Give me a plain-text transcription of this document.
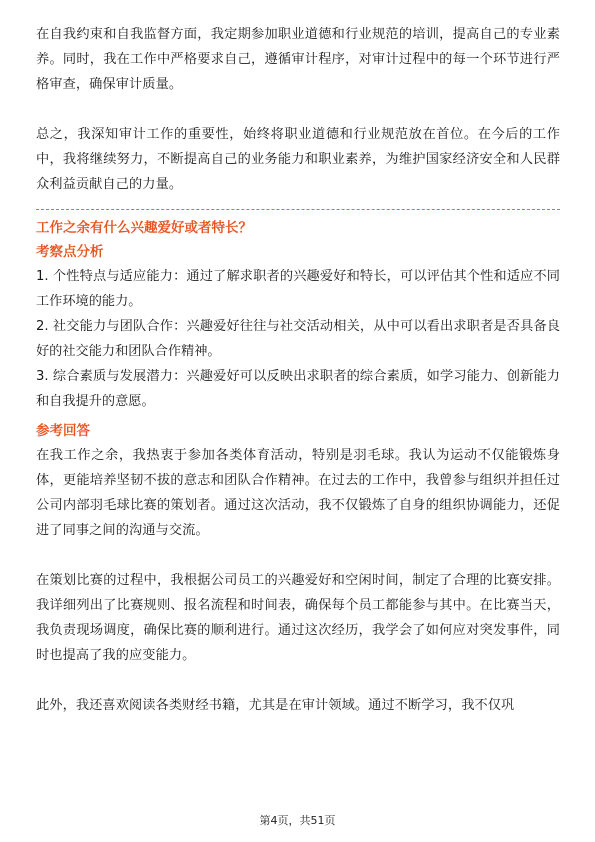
在自我约束和自我监督方面，我定期参加职业道德和行业规范的培训，提高自己的专业素养。同时，我在工作中严格要求自己，遵循审计程序，对审计过程中的每一个环节进行严格审查，确保审计质量。

总之，我深知审计工作的重要性，始终将职业道德和行业规范放在首位。在今后的工作中，我将继续努力，不断提高自己的业务能力和职业素养，为维护国家经济安全和人民群众利益贡献自己的力量。

工作之余有什么兴趣爱好或者特长？

考察点分析

1. 个性特点与适应能力：通过了解求职者的兴趣爱好和特长，可以评估其个性和适应不同工作环境的能力。

2. 社交能力与团队合作：兴趣爱好往往与社交活动相关，从中可以看出求职者是否具备良好的社交能力和团队合作精神。

3. 综合素质与发展潜力：兴趣爱好可以反映出求职者的综合素质，如学习能力、创新能力和自我提升的意愿。

参考回答

在我工作之余，我热衷于参加各类体育活动，特别是羽毛球。我认为运动不仅能锻炼身体，更能培养坚韧不拔的意志和团队合作精神。在过去的工作中，我曾参与组织并担任过公司内部羽毛球比赛的策划者。通过这次活动，我不仅锻炼了自身的组织协调能力，还促进了同事之间的沟通与交流。

在策划比赛的过程中，我根据公司员工的兴趣爱好和空闲时间，制定了合理的比赛安排。我详细列出了比赛规则、报名流程和时间表，确保每个员工都能参与其中。在比赛当天，我负责现场调度，确保比赛的顺利进行。通过这次经历，我学会了如何应对突发事件，同时也提高了我的应变能力。

此外，我还喜欢阅读各类财经书籍，尤其是在审计领域。通过不断学习，我不仅巩

第4页，共51页
